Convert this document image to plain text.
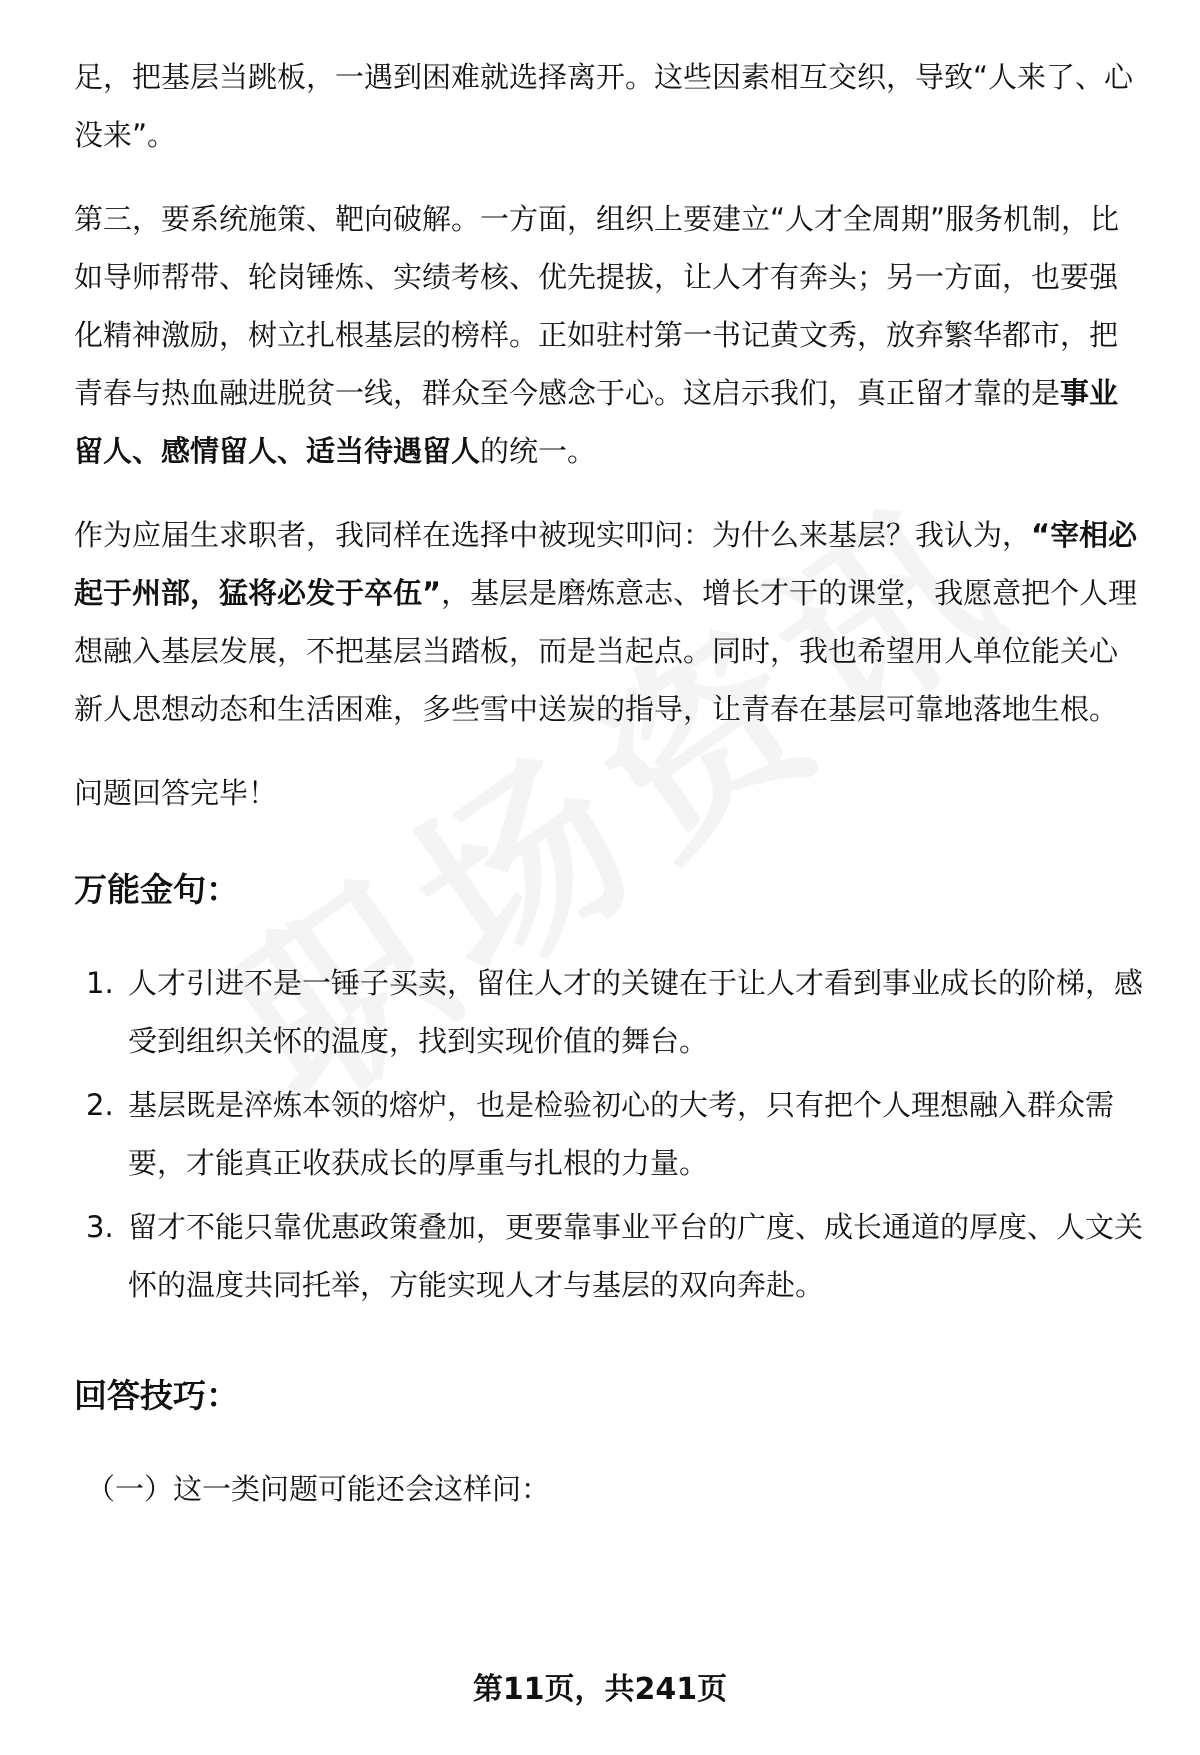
足，把基层当跳板，一遇到困难就选择离开。这些因素相互交织，导致“人来了、心没来”。

第三，要系统施策、靶向破解。一方面，组织上要建立“人才全周期”服务机制，比如导师帮带、轮岗锤炼、实绩考核、优先提拔，让人才有奔头；另一方面，也要强化精神激励，树立扎根基层的榜样。正如驻村第一书记黄文秀，放弃繁华都市，把青春与热血融进脱贫一线，群众至今感念于心。这启示我们，真正留才靠的是事业留人、感情留人、适当待遇留人的统一。

作为应届生求职者，我同样在选择中被现实叩问：为什么来基层？我认为，“宰相必起于州部，猛将必发于卒伍”，基层是磨炼意志、增长才干的课堂，我愿意把个人理想融入基层发展，不把基层当踏板，而是当起点。同时，我也希望用人单位能关心新人思想动态和生活困难，多些雪中送炭的指导，让青春在基层可靠地落地生根。

问题回答完毕！

万能金句：
1. 人才引进不是一锤子买卖，留住人才的关键在于让人才看到事业成长的阶梯，感受到组织关怀的温度，找到实现价值的舞台。
2. 基层既是淬炼本领的熔炉，也是检验初心的大考，只有把个人理想融入群众需要，才能真正收获成长的厚重与扎根的力量。
3. 留才不能只靠优惠政策叠加，更要靠事业平台的广度、成长通道的厚度、人文关怀的温度共同托举，方能实现人才与基层的双向奔赴。
回答技巧：

（一）这一类问题可能还会这样问：

第11页，共241页
